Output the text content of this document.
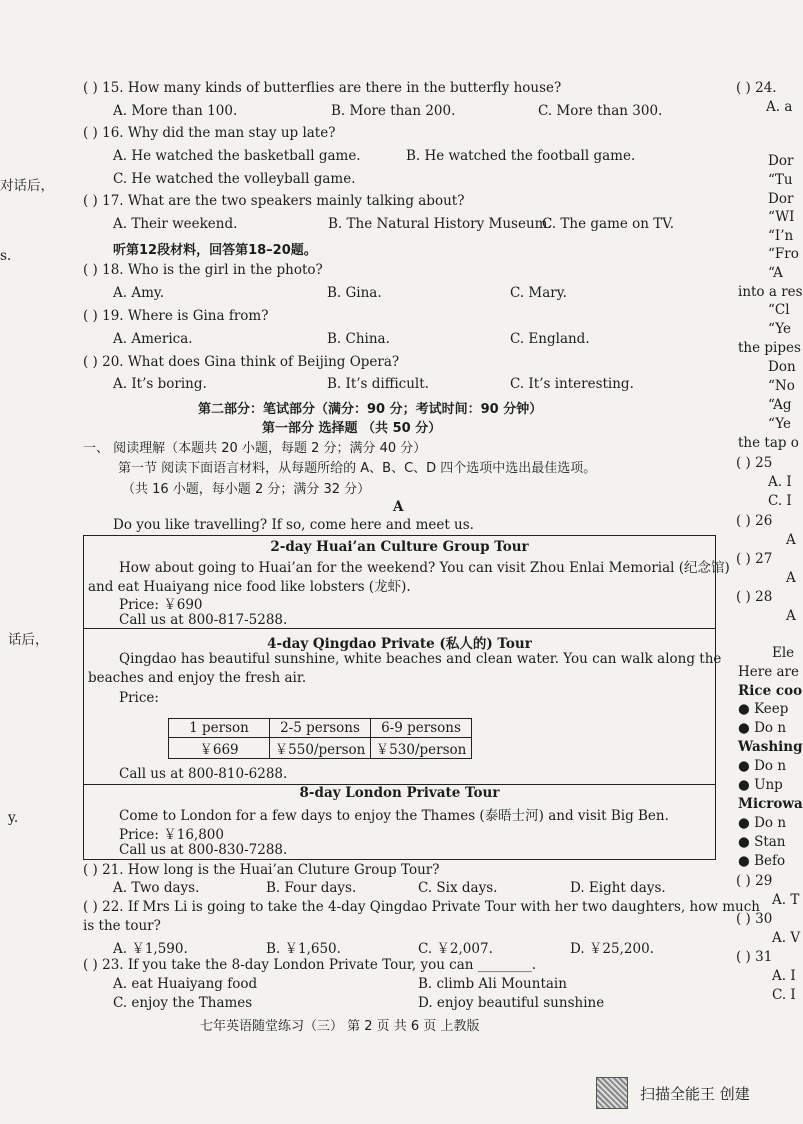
对话后，
s.
话后，
y.
( ) 15. How many kinds of butterflies are there in the butterfly house?
A. More than 100.	B. More than 200.	C. More than 300.
( ) 16. Why did the man stay up late?
A. He watched the basketball game.	B. He watched the football game.
C. He watched the volleyball game.
( ) 17. What are the two speakers mainly talking about?
A. Their weekend.	B. The Natural History Museum.
C. The game on TV.
听第12段材料，回答第18–20题。
( ) 18. Who is the girl in the photo?
A. Amy.	B. Gina.	C. Mary.
( ) 19. Where is Gina from?
A. America.	B. China.	C. England.
( ) 20. What does Gina think of Beijing Opera?
A. It’s boring.	B. It’s difficult.	C. It’s interesting.
第二部分：笔试部分（满分：90 分；考试时间：90 分钟）
第一部分 选择题 （共 50 分）
一、 阅读理解（本题共 20 小题，每题 2 分；满分 40 分）
第一节 阅读下面语言材料，从每题所给的 A、B、C、D 四个选项中选出最佳选项。
（共 16 小题，每小题 2 分；满分 32 分）
A
Do you like travelling? If so, come here and meet us.
2-day Huai’an Culture Group Tour
How about going to Huai’an for the weekend? You can visit Zhou Enlai Memorial (纪念馆)
and eat Huaiyang nice food like lobsters (龙虾).
Price: ￥690
Call us at 800-817-5288.
4-day Qingdao Private (私人的) Tour
Qingdao has beautiful sunshine, white beaches and clean water. You can walk along the
beaches and enjoy the fresh air.
Price:
1 person	2-5 persons	6-9 persons
￥669	￥550/person	￥530/person
Call us at 800-810-6288.
8-day London Private Tour
Come to London for a few days to enjoy the Thames (泰晤士河) and visit Big Ben.
Price: ￥16,800
Call us at 800-830-7288.
( ) 21. How long is the Huai’an Cluture Group Tour?
A. Two days.	B. Four days.	C. Six days.	D. Eight days.
( ) 22. If Mrs Li is going to take the 4-day Qingdao Private Tour with her two daughters, how much
is the tour?
A. ￥1,590.	B. ￥1,650.	C. ￥2,007.	D. ￥25,200.
( ) 23. If you take the 8-day London Private Tour, you can ________.
A. eat Huaiyang food	B. climb Ali Mountain
C. enjoy the Thames	D. enjoy beautiful sunshine
七年英语随堂练习（三） 第 2 页 共 6 页 上教版
( ) 24.
A. a
Dor
“Tu
Dor
“WI
“I’n
“Fro
“A
into a res
“Cl
“Ye
the pipes
Don
“No
“Ag
“Ye
the tap o
( ) 25
A. I
C. I
( ) 26
A
( ) 27
A
( ) 28
A
Ele
Here are
Rice coo
● Keep
● Do n
Washing
● Do n
● Unp
Microwa
● Do n
● Stan
● Befo
( ) 29
A. T
( ) 30
A. V
( ) 31
A. I
C. I
扫描全能王 创建
